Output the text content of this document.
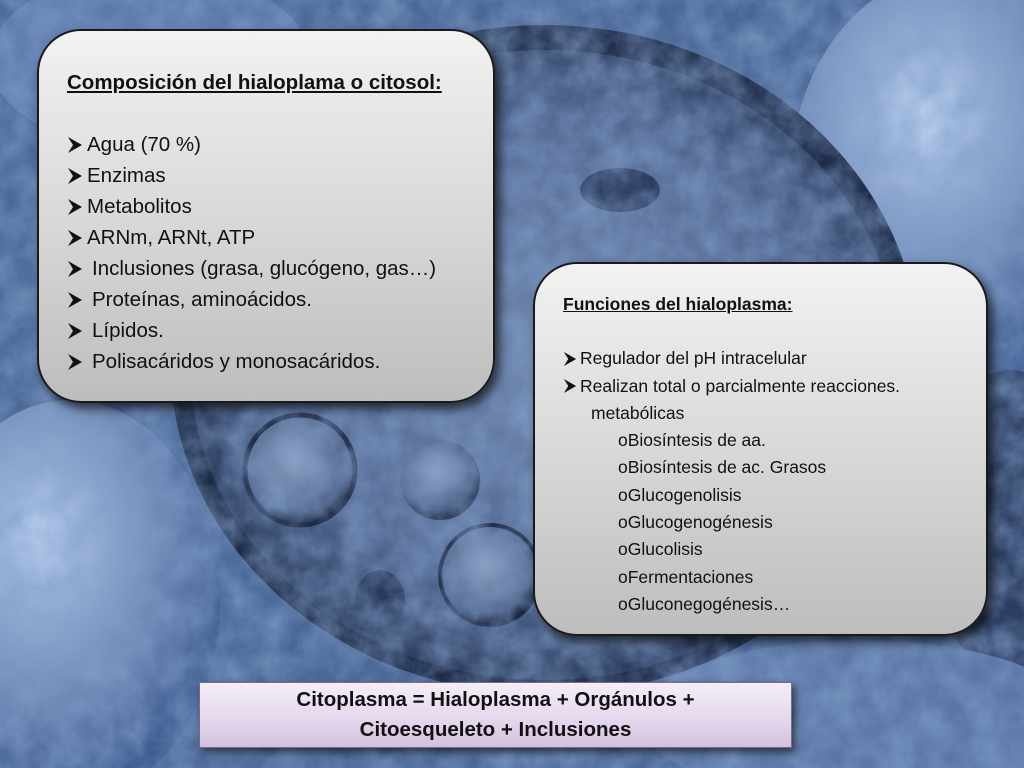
Composición del hialoplama o citosol:
Agua (70 %)
Enzimas
Metabolitos
ARNm, ARNt, ATP
Inclusiones (grasa, glucógeno, gas…)
Proteínas, aminoácidos.
Lípidos.
Polisacáridos y monosacáridos.
Funciones del hialoplasma:
Regulador del pH intracelular
Realizan total o parcialmente reacciones.
metabólicas
oBiosíntesis de aa.
oBiosíntesis de ac. Grasos
oGlucogenolisis
oGlucogenogénesis
oGlucolisis
oFermentaciones
oGluconegogénesis…
Citoplasma = Hialoplasma + Orgánulos +
Citoesqueleto + Inclusiones
